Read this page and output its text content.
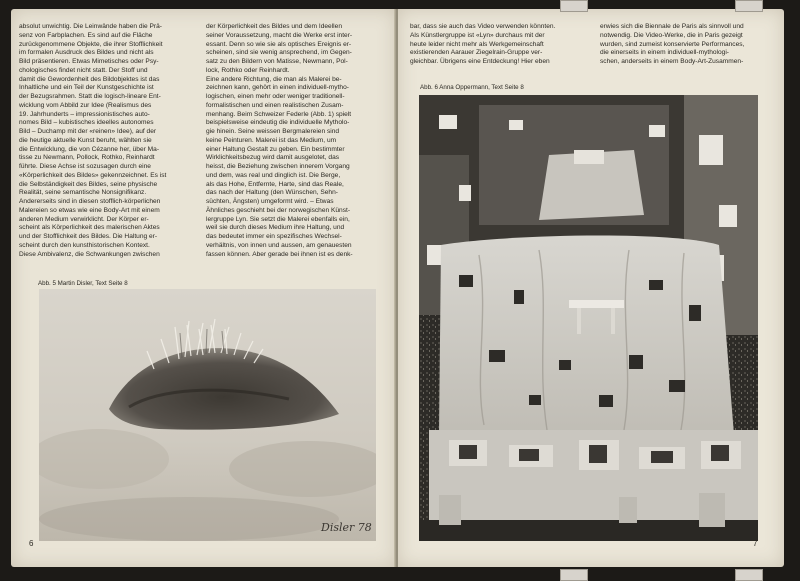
absolut unwichtig. Die Leinwände haben die Prä-
senz von Farbplachen. Es sind auf die Fläche
zurückgenommene Objekte, die ihrer Stofflichkeit
im formalen Ausdruck des Bildes und nicht als
Bild präsentieren. Etwas Mimetisches oder Psy-
chologisches findet nicht statt. Der Stoff und
damit die Gewordenheit des Bildobjektes ist das
Inhaltliche und ein Teil der Kunstgeschichte ist
der Bezugsrahmen. Statt die logisch-lineare Ent-
wicklung vom Abbild zur Idee (Realismus des
19. Jahrhunderts – impressionistisches auto-
nomes Bild – kubistisches ideelles autonomes
Bild – Duchamp mit der «reinen» Idee), auf der
die heutige aktuelle Kunst beruht, wählten sie
die Entwicklung, die von Cézanne her, über Ma-
tisse zu Newmann, Pollock, Rothko, Reinhardt
führte. Diese Achse ist sozusagen durch eine
«Körperlichkeit des Bildes» gekennzeichnet. Es ist
die Selbständigkeit des Bildes, seine physische
Realität, seine semantische Nonsignifikanz.
Andererseits sind in diesen stofflich-körperlichen
Malereien so etwas wie eine Body-Art mit einem
anderen Medium verwirklicht. Der Körper er-
scheint als Körperlichkeit des malerischen Aktes
und der Stofflichkeit des Bildes. Die Haltung er-
scheint durch den kunsthistorischen Kontext.
Diese Ambivalenz, die Schwankungen zwischen
der Körperlichkeit des Bildes und dem Ideellen
seiner Voraussetzung, macht die Werke erst inter-
essant. Denn so wie sie als optisches Ereignis er-
scheinen, sind sie wenig ansprechend, im Gegen-
satz zu den Bildern von Matisse, Newmann, Pol-
lock, Rothko oder Reinhardt.
Eine andere Richtung, die man als Malerei be-
zeichnen kann, gehört in einen individuell-mytho-
logischen, einen mehr oder weniger traditionell-
formalistischen und einen realistischen Zusam-
menhang. Beim Schweizer Federle (Abb. 1) spielt
beispielsweise eindeutig die individuelle Mytholo-
gie hinein. Seine weissen Bergmalereien sind
keine Peinturen. Malerei ist das Medium, um
einer Haltung Gestalt zu geben. Ein bestimmter
Wirklichkeitsbezug wird damit ausgelotet, das
heisst, die Beziehung zwischen innerem Vorgang
und dem, was real und dinglich ist. Die Berge,
als das Hohe, Entfernte, Harte, sind das Reale,
das nach der Haltung (den Wünschen, Sehn-
süchten, Ängsten) umgeformt wird. – Etwas
Ähnliches geschieht bei der norwegischen Künst-
lergruppe Lyn. Sie setzt die Malerei ebenfalls ein,
weil sie durch dieses Medium ihre Haltung, und
das bedeutet immer ein spezifisches Wechsel-
verhältnis, von innen und aussen, am genauesten
fassen können. Aber gerade bei ihnen ist es denk-
Abb. 5 Martin Disler, Text Seite 8
Disler 78
6
bar, dass sie auch das Video verwenden könnten.
Als Künstlergruppe ist «Lyn» durchaus mit der
heute leider nicht mehr als Werkgemeinschaft
existierenden Aarauer Ziegelrain-Gruppe ver-
gleichbar. Übrigens eine Entdeckung! Hier eben
erwies sich die Biennale de Paris als sinnvoll und
notwendig. Die Video-Werke, die in Paris gezeigt
wurden, sind zumeist konservierte Performances,
die einerseits in einem individuell-mythologi-
schen, anderseits in einem Body-Art-Zusammen-
Abb. 6 Anna Oppermann, Text Seite 8
7
